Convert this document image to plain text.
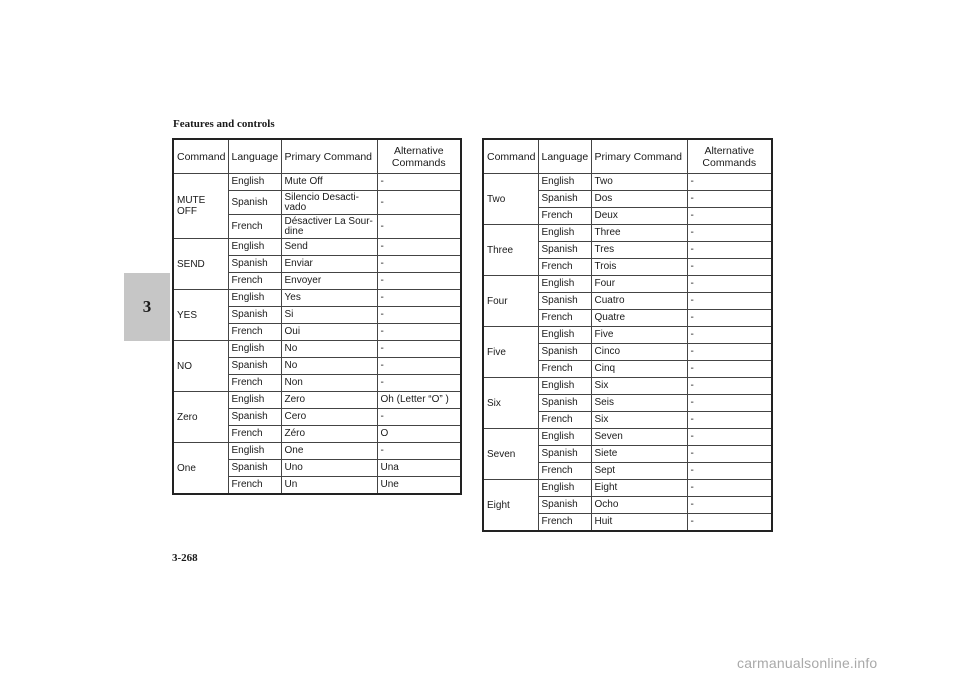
Features and controls
3
Command	Language	Primary Command	Alternative Commands
MUTE OFF	English	Mute Off	-
	Spanish	Silencio Desacti-vado	-
	French	Désactiver La Sour-dine	-
SEND	English	Send	-
	Spanish	Enviar	-
	French	Envoyer	-
YES	English	Yes	-
	Spanish	Si	-
	French	Oui	-
NO	English	No	-
	Spanish	No	-
	French	Non	-
Zero	English	Zero	Oh (Letter “O” )
	Spanish	Cero	-
	French	Zéro	O
One	English	One	-
	Spanish	Uno	Una
	French	Un	Une
Command	Language	Primary Command	Alternative Commands
Two	English	Two	-
	Spanish	Dos	-
	French	Deux	-
Three	English	Three	-
	Spanish	Tres	-
	French	Trois	-
Four	English	Four	-
	Spanish	Cuatro	-
	French	Quatre	-
Five	English	Five	-
	Spanish	Cinco	-
	French	Cinq	-
Six	English	Six	-
	Spanish	Seis	-
	French	Six	-
Seven	English	Seven	-
	Spanish	Siete	-
	French	Sept	-
Eight	English	Eight	-
	Spanish	Ocho	-
	French	Huit	-
3-268
carmanualsonline.info
